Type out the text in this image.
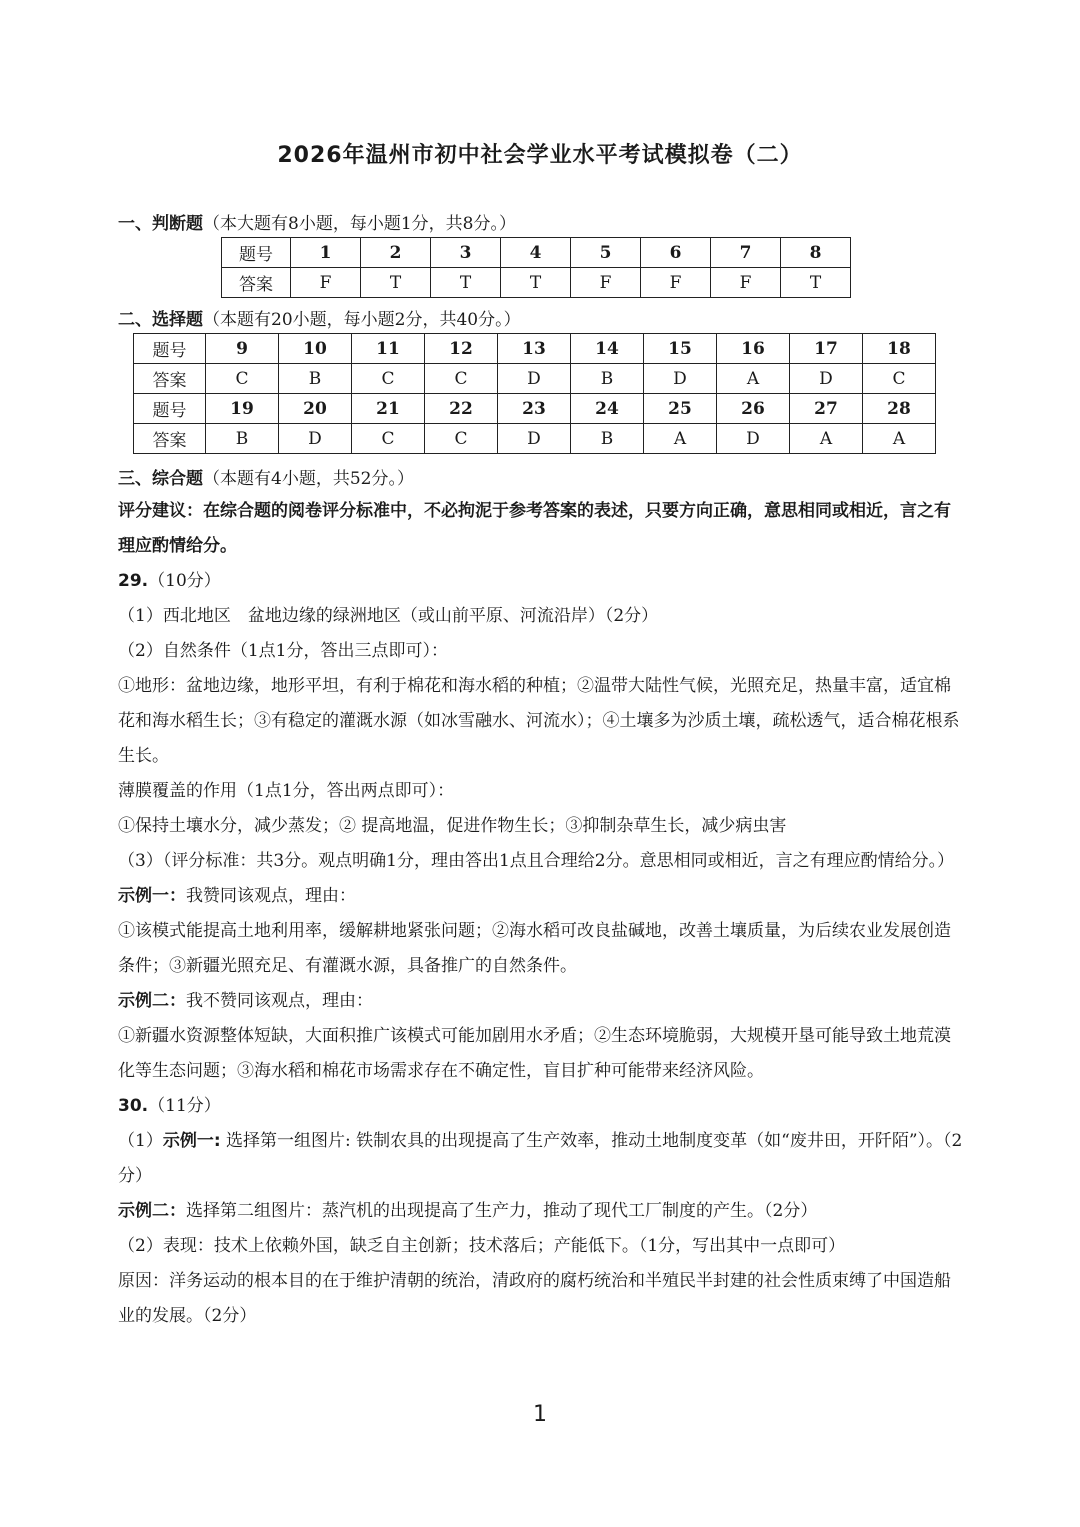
2026年温州市初中社会学业水平考试模拟卷（二）
一、判断题（本大题有8小题，每小题1分，共8分。）
题号	1	2	3	4	5	6	7	8
答案	F	T	T	T	F	F	F	T
二、选择题（本题有20小题，每小题2分，共40分。）
题号	9	10	11	12	13	14	15	16	17	18
答案	C	B	C	C	D	B	D	A	D	C
题号	19	20	21	22	23	24	25	26	27	28
答案	B	D	C	C	D	B	A	D	A	A
三、综合题（本题有4小题，共52分。）

评分建议：在综合题的阅卷评分标准中，不必拘泥于参考答案的表述，只要方向正确，意思相同或相近，言之有理应酌情给分。

29.（10分）

（1）西北地区　盆地边缘的绿洲地区（或山前平原、河流沿岸）（2分）

（2）自然条件（1点1分，答出三点即可）：

①地形：盆地边缘，地形平坦，有利于棉花和海水稻的种植；②温带大陆性气候，光照充足，热量丰富，适宜棉花和海水稻生长；③有稳定的灌溉水源（如冰雪融水、河流水）；④土壤多为沙质土壤，疏松透气，适合棉花根系生长。

薄膜覆盖的作用（1点1分，答出两点即可）：

①保持土壤水分，减少蒸发；② 提高地温，促进作物生长；③抑制杂草生长，减少病虫害

（3）（评分标准：共3分。观点明确1分，理由答出1点且合理给2分。意思相同或相近，言之有理应酌情给分。）

示例一：我赞同该观点，理由：

①该模式能提高土地利用率，缓解耕地紧张问题；②海水稻可改良盐碱地，改善土壤质量，为后续农业发展创造条件；③新疆光照充足、有灌溉水源，具备推广的自然条件。

示例二：我不赞同该观点，理由：

①新疆水资源整体短缺，大面积推广该模式可能加剧用水矛盾；②生态环境脆弱，大规模开垦可能导致土地荒漠化等生态问题；③海水稻和棉花市场需求存在不确定性，盲目扩种可能带来经济风险。

30.（11分）

（1）示例一: 选择第一组图片: 铁制农具的出现提高了生产效率，推动土地制度变革（如“废井田，开阡陌”）。（2分）

示例二：选择第二组图片：蒸汽机的出现提高了生产力，推动了现代工厂制度的产生。（2分）

（2）表现：技术上依赖外国，缺乏自主创新；技术落后；产能低下。（1分，写出其中一点即可）

原因：洋务运动的根本目的在于维护清朝的统治，清政府的腐朽统治和半殖民半封建的社会性质束缚了中国造船业的发展。（2分）

1
